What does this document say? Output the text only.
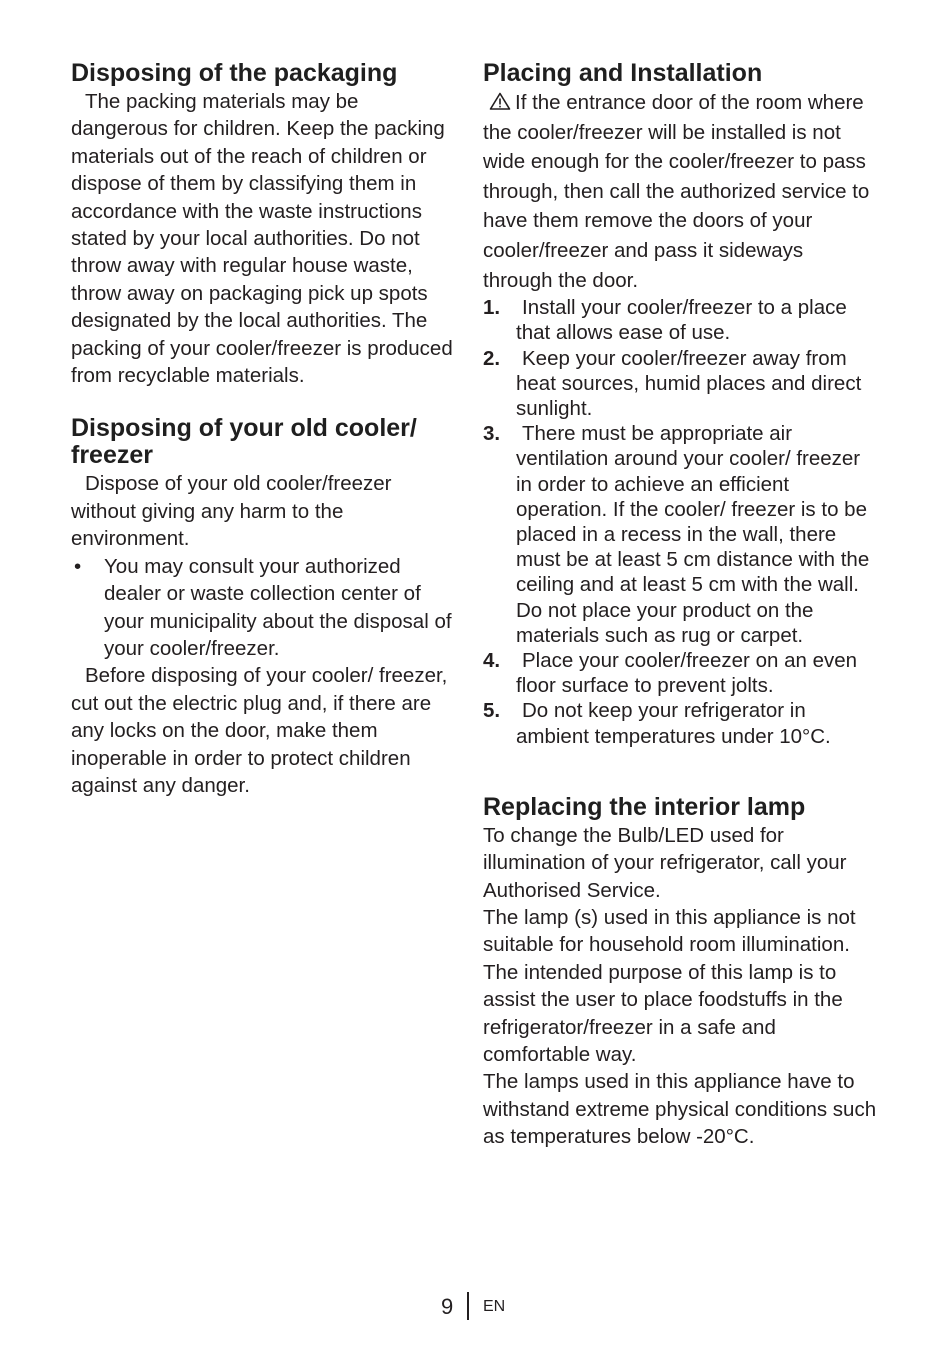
Disposing of the packaging

The packing materials may be dangerous for children. Keep the packing materials out of the reach of children or dispose of them by classifying them in accordance with the waste instructions stated by your local authorities. Do not throw away with regular house waste, throw away on packaging pick up spots designated by the local authorities. The packing of your cooler/freezer is produced from recyclable materials.

Disposing of your old cooler/ freezer

Dispose of your old cooler/freezer without giving any harm to the environment.

•	You may consult your authorized dealer or waste collection center of your municipality about the disposal of your cooler/freezer.

Before disposing of your cooler/ freezer, cut out the electric plug and, if there are any locks on the door, make them inoperable in order to protect children against any danger.

Placing and Installation

If the entrance door of the room where the cooler/freezer will be installed is not wide enough for the cooler/freezer to pass through, then call the authorized service to have them remove the doors of your cooler/freezer and pass it sideways through the door.

1.	Install your cooler/freezer to a place that allows ease of use.
2.	Keep your cooler/freezer away from heat sources, humid places and direct sunlight.
3.	There must be appropriate air ventilation around your cooler/ freezer in order to achieve an efficient operation. If the cooler/ freezer is to be placed in a recess in the wall, there must be at least 5 cm distance with the ceiling and at least 5 cm with the wall. Do not place your product on the materials such as rug or carpet.
4.	Place your cooler/freezer on an even floor surface to prevent jolts.
5.	Do not keep your refrigerator in ambient temperatures under 10°C.
Replacing the interior lamp

To change the Bulb/LED used for illumination of your refrigerator, call your Authorised Service.

The lamp (s) used in this appliance is not suitable for household room illumination. The intended purpose of this lamp is to assist the user to place foodstuffs in the refrigerator/freezer in a safe and comfortable way.

The lamps used in this appliance have to withstand extreme physical conditions such as temperatures below -20°C.

9 EN
